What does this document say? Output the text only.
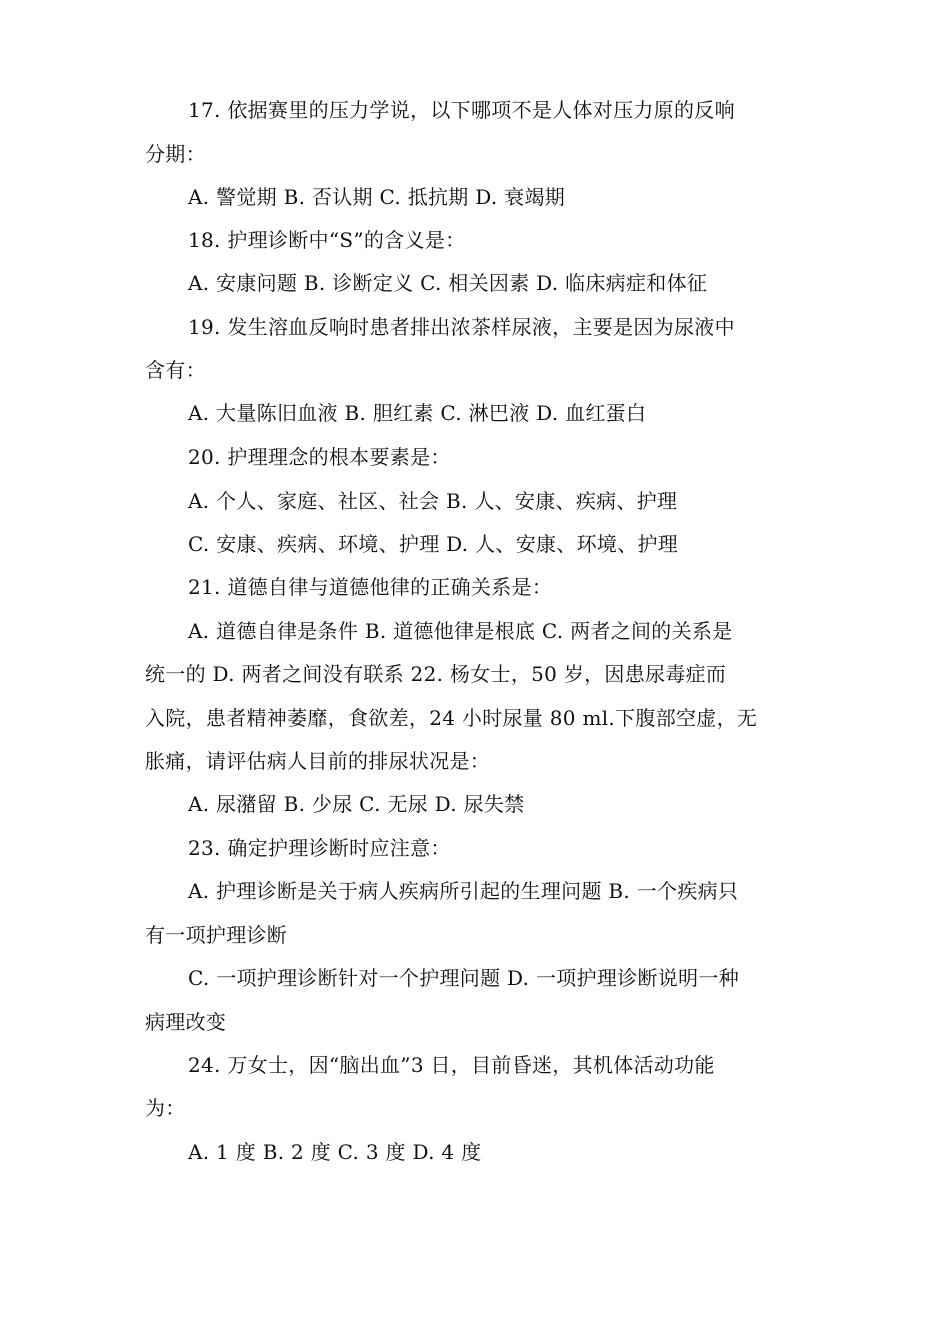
17. 依据赛里的压力学说，以下哪项不是人体对压力原的反响

分期：

A. 警觉期 B. 否认期 C. 抵抗期 D. 衰竭期

18. 护理诊断中“S”的含义是：

A. 安康问题 B. 诊断定义 C. 相关因素 D. 临床病症和体征

19. 发生溶血反响时患者排出浓茶样尿液，主要是因为尿液中

含有：

A. 大量陈旧血液 B. 胆红素 C. 淋巴液 D. 血红蛋白

20. 护理理念的根本要素是：

A. 个人、家庭、社区、社会 B. 人、安康、疾病、护理

C. 安康、疾病、环境、护理 D. 人、安康、环境、护理

21. 道德自律与道德他律的正确关系是：

A. 道德自律是条件 B. 道德他律是根底 C. 两者之间的关系是

统一的 D. 两者之间没有联系 22. 杨女士，50 岁，因患尿毒症而

入院，患者精神萎靡，食欲差，24 小时尿量 80 ml.下腹部空虚，无

胀痛，请评估病人目前的排尿状况是：

A. 尿潴留 B. 少尿 C. 无尿 D. 尿失禁

23. 确定护理诊断时应注意：

A. 护理诊断是关于病人疾病所引起的生理问题 B. 一个疾病只

有一项护理诊断

C. 一项护理诊断针对一个护理问题 D. 一项护理诊断说明一种

病理改变

24. 万女士，因“脑出血”3 日，目前昏迷，其机体活动功能

为：

A. 1 度 B. 2 度 C. 3 度 D. 4 度
